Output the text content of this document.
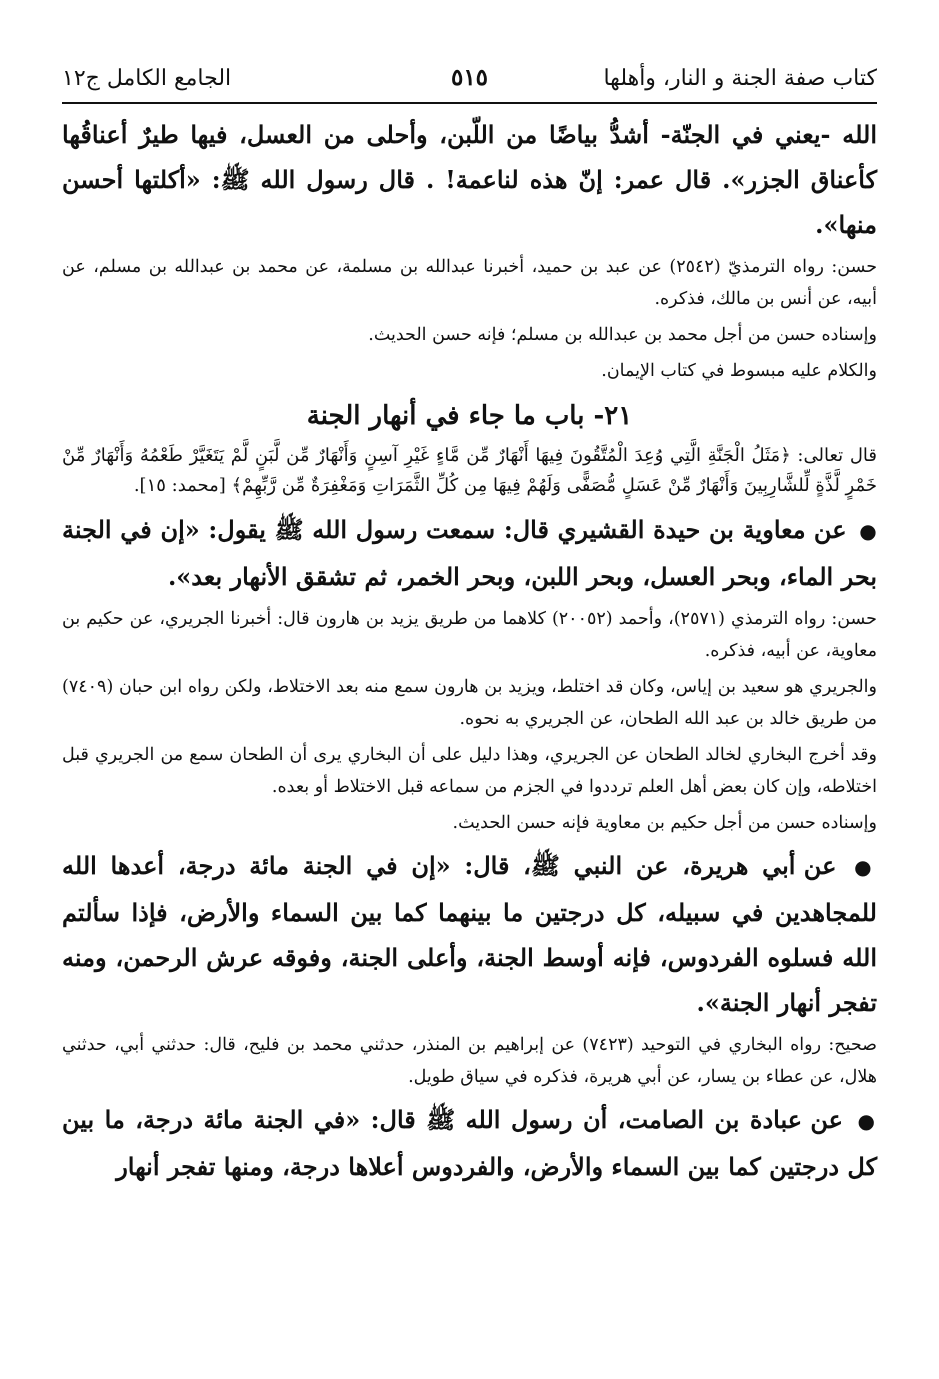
كتاب صفة الجنة و النار، وأهلها
٥١٥
الجامع الكامل ج١٢

الله -يعني في الجنّة- أشدُّ بياضًا من اللّبن، وأحلى من العسل، فيها طيرٌ أعناقُها كأعناق الجزر». قال عمر: إنّ هذه لناعمة! . قال رسول الله ﷺ: «أكلتها أحسن منها».

حسن: رواه الترمذيّ (٢٥٤٢) عن عبد بن حميد، أخبرنا عبدالله بن مسلمة، عن محمد بن عبدالله بن مسلم، عن أبيه، عن أنس بن مالك، فذكره.

وإسناده حسن من أجل محمد بن عبدالله بن مسلم؛ فإنه حسن الحديث.

والكلام عليه مبسوط في كتاب الإيمان.

٢١- باب ما جاء في أنهار الجنة

قال تعالى: ﴿مَثَلُ الْجَنَّةِ الَّتِي وُعِدَ الْمُتَّقُونَ فِيهَا أَنْهَارٌ مِّن مَّاءٍ غَيْرِ آسِنٍ وَأَنْهَارٌ مِّن لَّبَنٍ لَّمْ يَتَغَيَّرْ طَعْمُهُ وَأَنْهَارٌ مِّنْ خَمْرٍ لَّذَّةٍ لِّلشَّارِبِينَ وَأَنْهَارٌ مِّنْ عَسَلٍ مُّصَفًّى وَلَهُمْ فِيهَا مِن كُلِّ الثَّمَرَاتِ وَمَغْفِرَةٌ مِّن رَّبِّهِمْ﴾ [محمد: ١٥].

● عن معاوية بن حيدة القشيري قال: سمعت رسول الله ﷺ يقول: «إن في الجنة بحر الماء، وبحر العسل، وبحر اللبن، وبحر الخمر، ثم تشقق الأنهار بعد».

حسن: رواه الترمذي (٢٥٧١)، وأحمد (٢٠٠٥٢) كلاهما من طريق يزيد بن هارون قال: أخبرنا الجريري، عن حكيم بن معاوية، عن أبيه، فذكره.

والجريري هو سعيد بن إياس، وكان قد اختلط، ويزيد بن هارون سمع منه بعد الاختلاط، ولكن رواه ابن حبان (٧٤٠٩) من طريق خالد بن عبد الله الطحان، عن الجريري به نحوه.

وقد أخرج البخاري لخالد الطحان عن الجريري، وهذا دليل على أن البخاري يرى أن الطحان سمع من الجريري قبل اختلاطه، وإن كان بعض أهل العلم ترددوا في الجزم من سماعه قبل الاختلاط أو بعده.

وإسناده حسن من أجل حكيم بن معاوية فإنه حسن الحديث.

● عن أبي هريرة، عن النبي ﷺ، قال: «إن في الجنة مائة درجة، أعدها الله للمجاهدين في سبيله، كل درجتين ما بينهما كما بين السماء والأرض، فإذا سألتم الله فسلوه الفردوس، فإنه أوسط الجنة، وأعلى الجنة، وفوقه عرش الرحمن، ومنه تفجر أنهار الجنة».

صحيح: رواه البخاري في التوحيد (٧٤٢٣) عن إبراهيم بن المنذر، حدثني محمد بن فليح، قال: حدثني أبي، حدثني هلال، عن عطاء بن يسار، عن أبي هريرة، فذكره في سياق طويل.

● عن عبادة بن الصامت، أن رسول الله ﷺ قال: «في الجنة مائة درجة، ما بين كل درجتين كما بين السماء والأرض، والفردوس أعلاها درجة، ومنها تفجر أنهار
